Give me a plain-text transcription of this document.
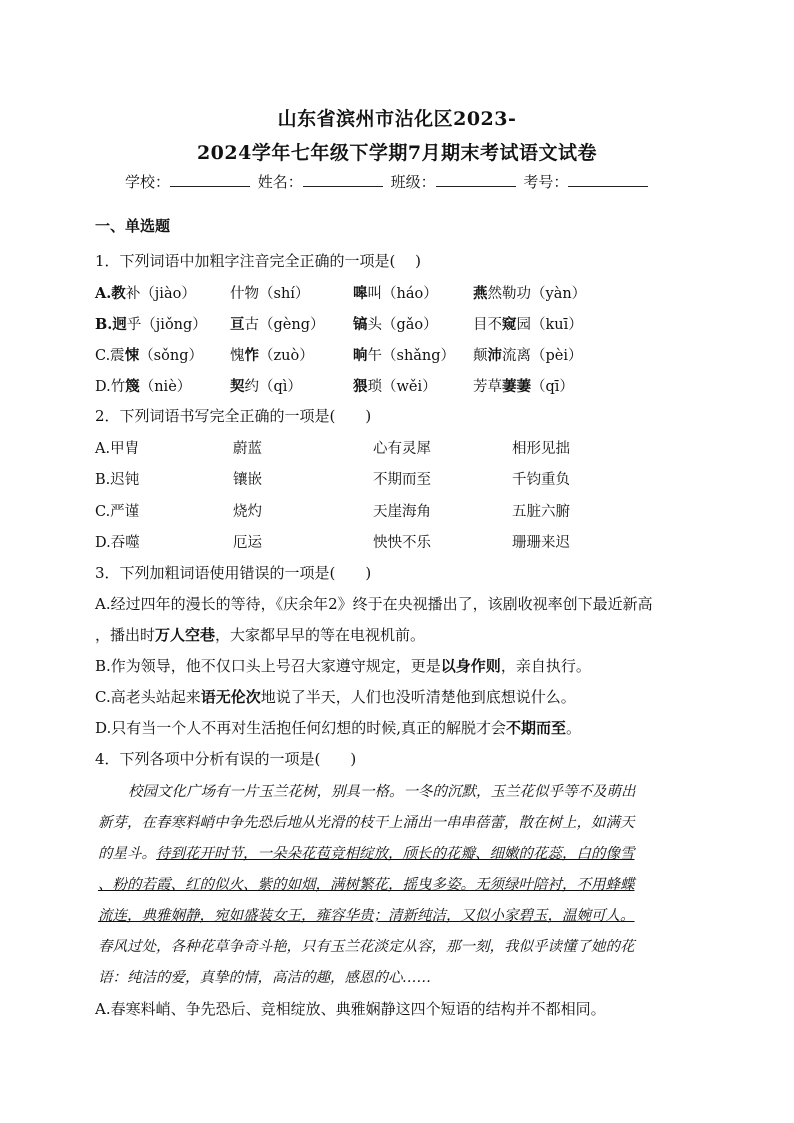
山东省滨州市沾化区2023-
2024学年七年级下学期7月期末考试语文试卷
学校：	姓名：	班级：	考号：
一、单选题
1．下列词语中加粗字注音完全正确的一项是(　 )
A.教补（jiào） 什物（shí）	嗥叫（háo） 燕然勒功（yàn）
B.迥乎（jiǒng） 亘古（gèng） 镐头（gǎo） 目不窥园（kuī）
C.震悚（sǒng） 愧怍（zuò）	晌午（shǎng） 颠沛流离（pèi）
D.竹篾（niè）	契约（qì）	猥琐（wěi）	芳草萋萋（qī）
2．下列词语书写完全正确的一项是(　　)
A.甲胄	蔚蓝	心有灵犀	相形见拙
B.迟钝	镶嵌	不期而至	千钧重负
C.严谨	烧灼	天崖海角	五脏六腑
D.吞噬	厄运	怏怏不乐	珊珊来迟
3．下列加粗词语使用错误的一项是(　　)
A.经过四年的漫长的等待，《庆余年2》终于在央视播出了，该剧收视率创下最近新高
，播出时万人空巷，大家都早早的等在电视机前。
B.作为领导，他不仅口头上号召大家遵守规定，更是以身作则，亲自执行。
C.高老头站起来语无伦次地说了半天，人们也没听清楚他到底想说什么。
D.只有当一个人不再对生活抱任何幻想的时候,真正的解脱才会不期而至。
4．下列各项中分析有误的一项是(　　)
校园文化广场有一片玉兰花树，别具一格。一冬的沉默，玉兰花似乎等不及萌出
新芽，在春寒料峭中争先恐后地从光滑的枝干上涌出一串串蓓蕾，散在树上，如满天
的星斗。待到花开时节，一朵朵花苞竞相绽放，颀长的花瓣、细嫩的花蕊，白的像雪
、粉的若霞、红的似火、紫的如烟，满树繁花，摇曳多姿。无须绿叶陪衬，不用蜂蝶
流连，典雅娴静，宛如盛装女王，雍容华贵；清新纯洁，又似小家碧玉，温婉可人。
春风过处，各种花草争奇斗艳，只有玉兰花淡定从容，那一刻，我似乎读懂了她的花
语：纯洁的爱，真挚的情，高洁的趣，感恩的心……
A.春寒料峭、争先恐后、竞相绽放、典雅娴静这四个短语的结构并不都相同。
